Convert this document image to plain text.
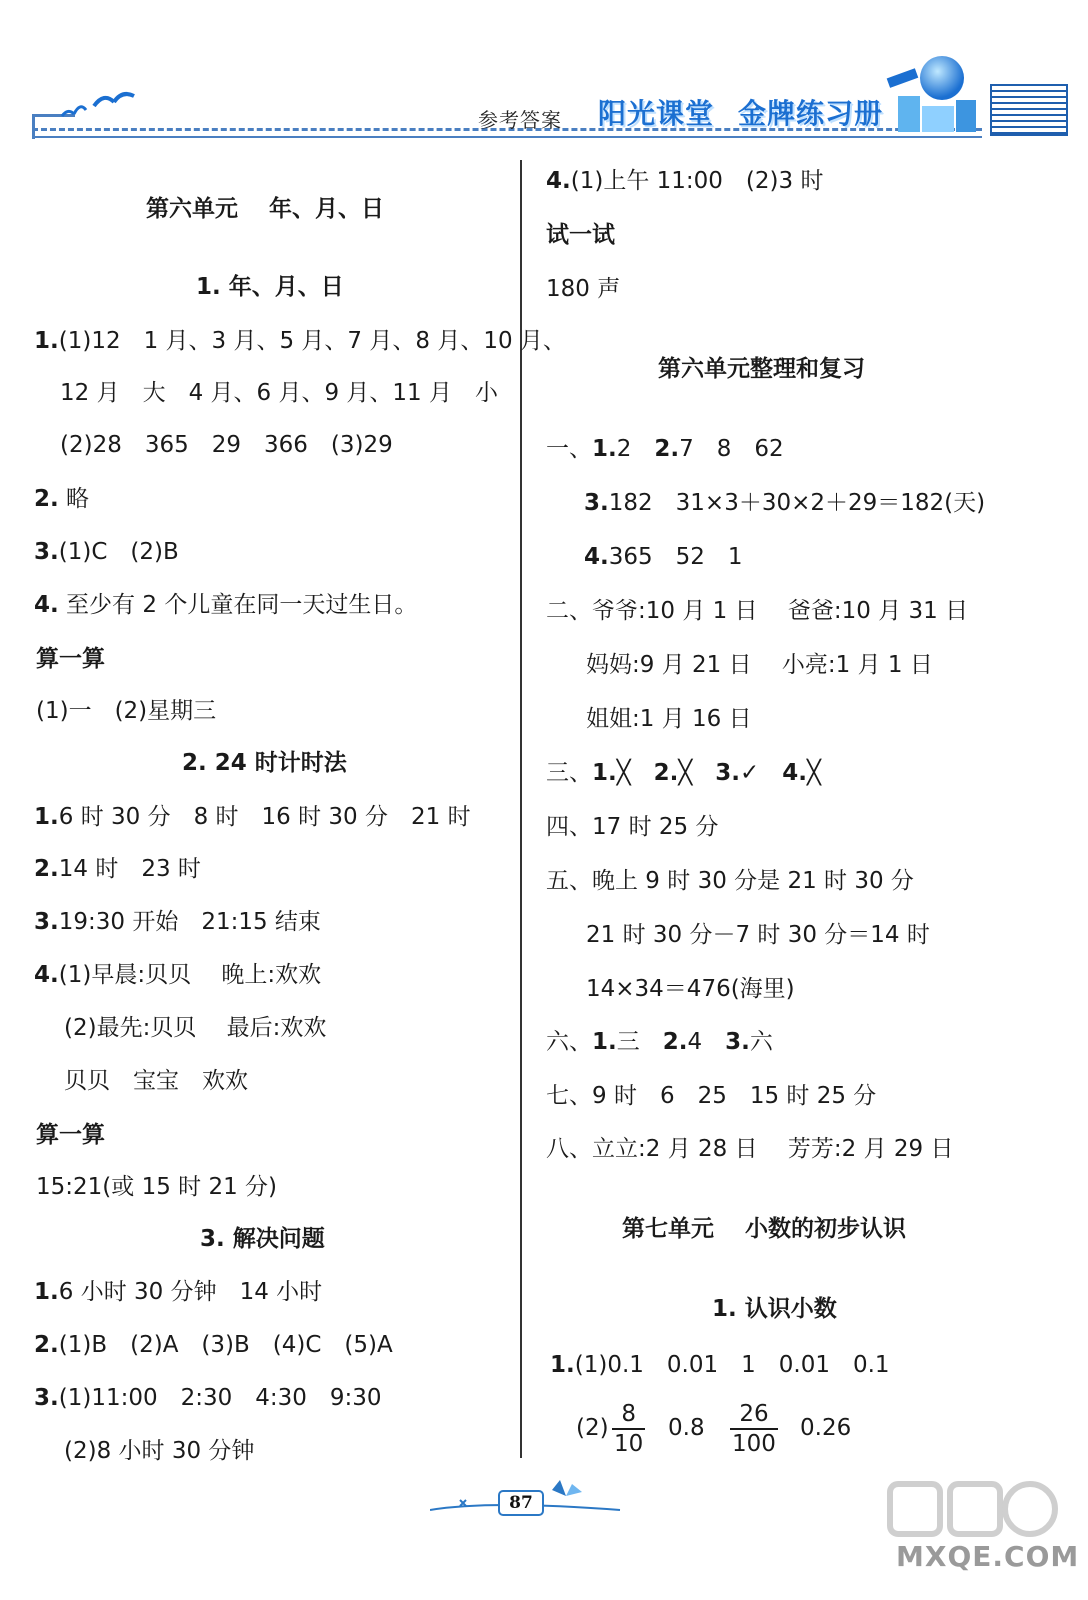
参考答案 阳光课堂 金牌练习册
第六单元　 年、月、日
1. 年、月、日
1.(1)12　1 月、3 月、5 月、7 月、8 月、10 月、
12 月　大　4 月、6 月、9 月、11 月　小
(2)28　365　29　366　(3)29
2. 略
3.(1)C　(2)B
4. 至少有 2 个儿童在同一天过生日。
算一算
(1)一　(2)星期三
2. 24 时计时法
1.6 时 30 分　8 时　16 时 30 分　21 时
2.14 时　23 时
3.19:30 开始　21:15 结束
4.(1)早晨:贝贝　 晚上:欢欢
(2)最先:贝贝　 最后:欢欢
贝贝　宝宝　欢欢
算一算
15:21(或 15 时 21 分)
3. 解决问题
1.6 小时 30 分钟　14 小时
2.(1)B　(2)A　(3)B　(4)C　(5)A
3.(1)11:00　2:30　4:30　9:30
(2)8 小时 30 分钟
4.(1)上午 11:00　(2)3 时
试一试
180 声
第六单元整理和复习
一、1.2　2.7　8　62
3.182　31×3＋30×2＋29＝182(天)
4.365　52　1
二、爷爷:10 月 1 日　 爸爸:10 月 31 日
妈妈:9 月 21 日　 小亮:1 月 1 日
姐姐:1 月 16 日
三、1.╳　2.╳　3.✓　4.╳
四、17 时 25 分
五、晚上 9 时 30 分是 21 时 30 分
21 时 30 分－7 时 30 分＝14 时
14×34＝476(海里)
六、1.三　2.4　3.六
七、9 时　6　25　15 时 25 分
八、立立:2 月 28 日　 芳芳:2 月 29 日
第七单元　 小数的初步认识
1. 认识小数
1.(1)0.1　0.01　1　0.01　0.1
$(2) \frac{8}{10} 0.8 \frac{26}{100} 0.26$
87
MXQE.COM
